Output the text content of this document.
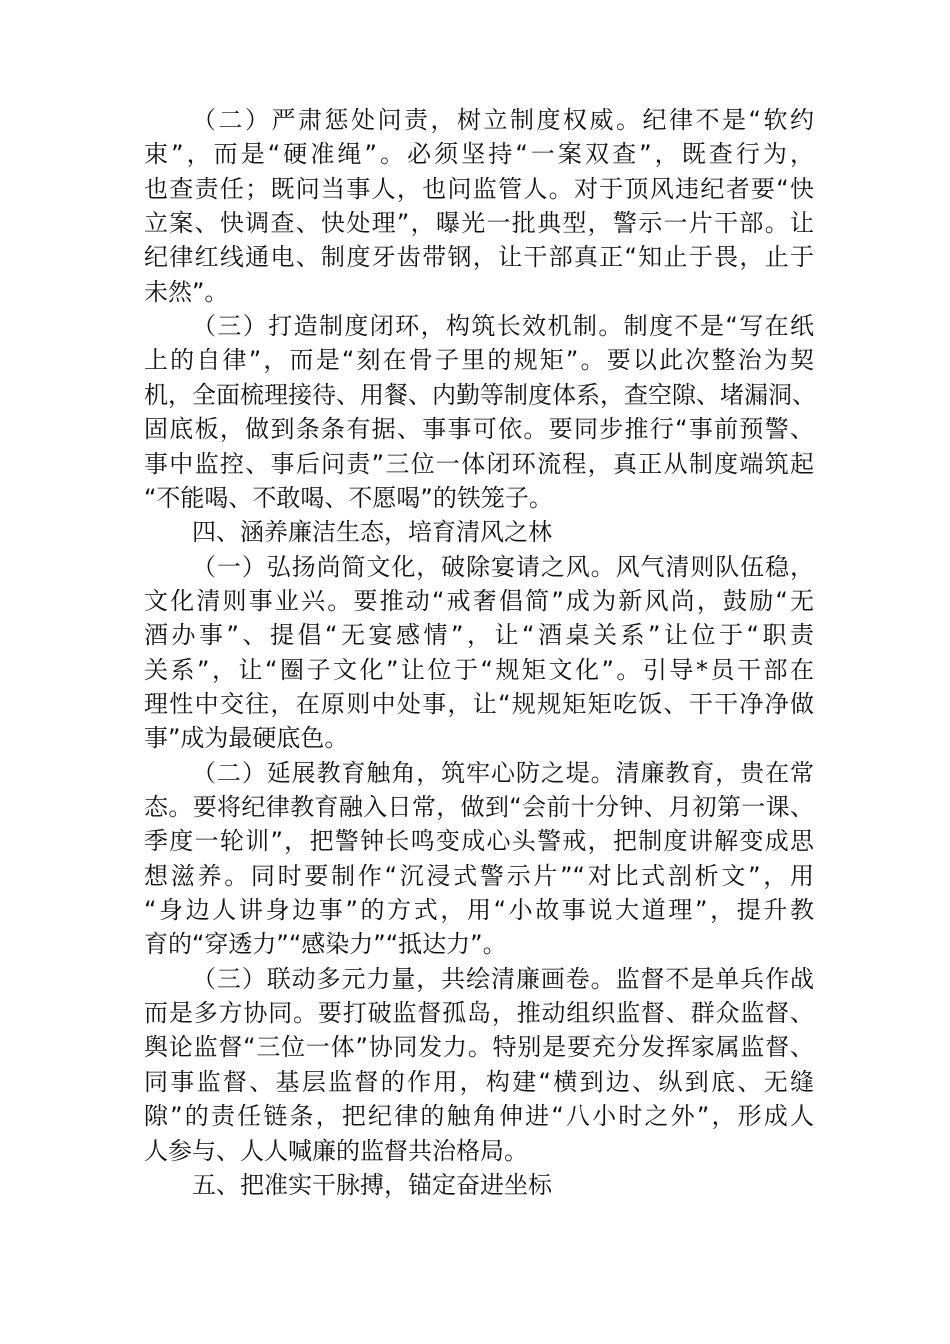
（二）严肃惩处问责，树立制度权威。纪律不是“软约
束”，而是“硬准绳”。必须坚持“一案双查”，既查行为，
也查责任；既问当事人，也问监管人。对于顶风违纪者要“快
立案、快调查、快处理”，曝光一批典型，警示一片干部。让
纪律红线通电、制度牙齿带钢，让干部真正“知止于畏，止于
未然”。
（三）打造制度闭环，构筑长效机制。制度不是“写在纸
上的自律”，而是“刻在骨子里的规矩”。要以此次整治为契
机，全面梳理接待、用餐、内勤等制度体系，查空隙、堵漏洞、
固底板，做到条条有据、事事可依。要同步推行“事前预警、
事中监控、事后问责”三位一体闭环流程，真正从制度端筑起
“不能喝、不敢喝、不愿喝”的铁笼子。
四、涵养廉洁生态，培育清风之林
（一）弘扬尚简文化，破除宴请之风。风气清则队伍稳，
文化清则事业兴。要推动“戒奢倡简”成为新风尚，鼓励“无
酒办事”、提倡“无宴感情”，让“酒桌关系”让位于“职责
关系”，让“圈子文化”让位于“规矩文化”。引导*员干部在
理性中交往，在原则中处事，让“规规矩矩吃饭、干干净净做
事”成为最硬底色。
（二）延展教育触角，筑牢心防之堤。清廉教育，贵在常
态。要将纪律教育融入日常，做到“会前十分钟、月初第一课、
季度一轮训”，把警钟长鸣变成心头警戒，把制度讲解变成思
想滋养。同时要制作“沉浸式警示片”“对比式剖析文”，用
“身边人讲身边事”的方式，用“小故事说大道理”，提升教
育的“穿透力”“感染力”“抵达力”。
（三）联动多元力量，共绘清廉画卷。监督不是单兵作战
而是多方协同。要打破监督孤岛，推动组织监督、群众监督、
舆论监督“三位一体”协同发力。特别是要充分发挥家属监督、
同事监督、基层监督的作用，构建“横到边、纵到底、无缝
隙”的责任链条，把纪律的触角伸进“八小时之外”，形成人
人参与、人人喊廉的监督共治格局。
五、把准实干脉搏，锚定奋进坐标
